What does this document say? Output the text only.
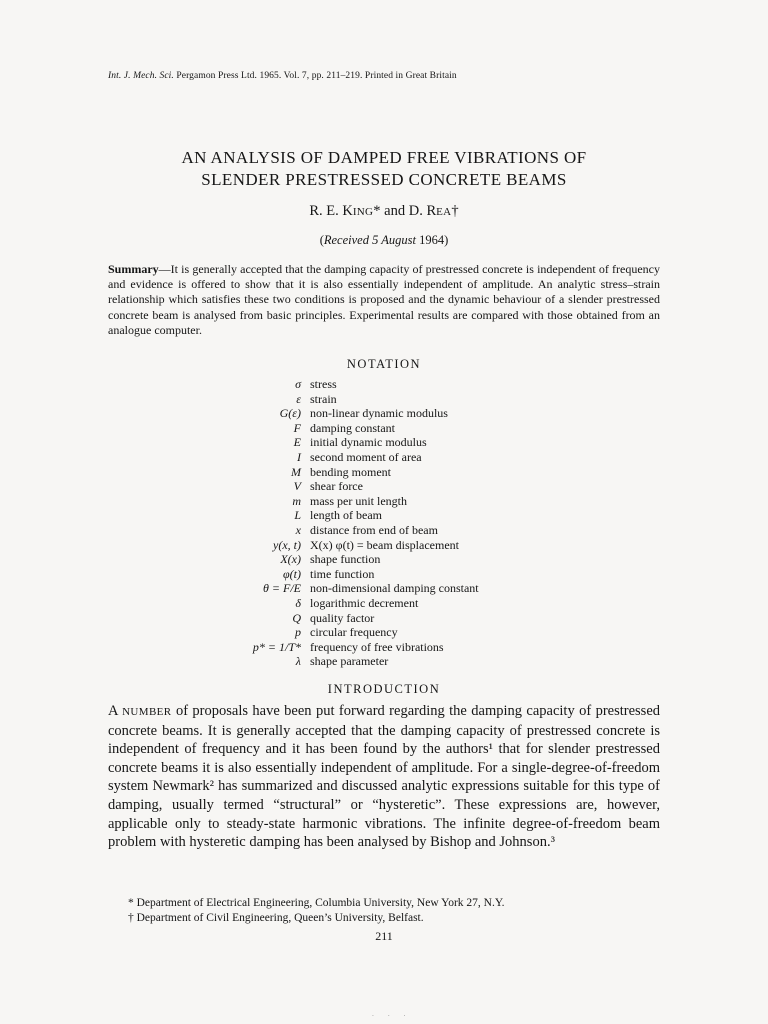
Int. J. Mech. Sci. Pergamon Press Ltd. 1965. Vol. 7, pp. 211–219. Printed in Great Britain
AN ANALYSIS OF DAMPED FREE VIBRATIONS OF
SLENDER PRESTRESSED CONCRETE BEAMS
R. E. KING* and D. REA†
(Received 5 August 1964)
Summary—It is generally accepted that the damping capacity of prestressed concrete is independent of frequency and evidence is offered to show that it is also essentially independent of amplitude. An analytic stress–strain relationship which satisfies these two conditions is proposed and the dynamic behaviour of a slender prestressed concrete beam is analysed from basic principles. Experimental results are compared with those obtained from an analogue computer.
NOTATION
σ stress
ε strain
G(ε) non-linear dynamic modulus
F damping constant
E initial dynamic modulus
I second moment of area
M bending moment
V shear force
m mass per unit length
L length of beam
x distance from end of beam
y(x, t) X(x) φ(t) = beam displacement
X(x) shape function
φ(t) time function
θ = F/E non-dimensional damping constant
δ logarithmic decrement
Q quality factor
p circular frequency
p* = 1/T* frequency of free vibrations
λ shape parameter
INTRODUCTION
A NUMBER of proposals have been put forward regarding the damping capacity of prestressed concrete beams. It is generally accepted that the damping capacity of prestressed concrete is independent of frequency and it has been found by the authors¹ that for slender prestressed concrete beams it is also essentially independent of amplitude. For a single-degree-of-freedom system Newmark² has summarized and discussed analytic expressions suitable for this type of damping, usually termed “structural” or “hysteretic”. These expressions are, however, applicable only to steady-state harmonic vibrations. The infinite degree-of-freedom beam problem with hysteretic damping has been analysed by Bishop and Johnson.³
* Department of Electrical Engineering, Columbia University, New York 27, N.Y.
† Department of Civil Engineering, Queen’s University, Belfast.
211
· · ·
